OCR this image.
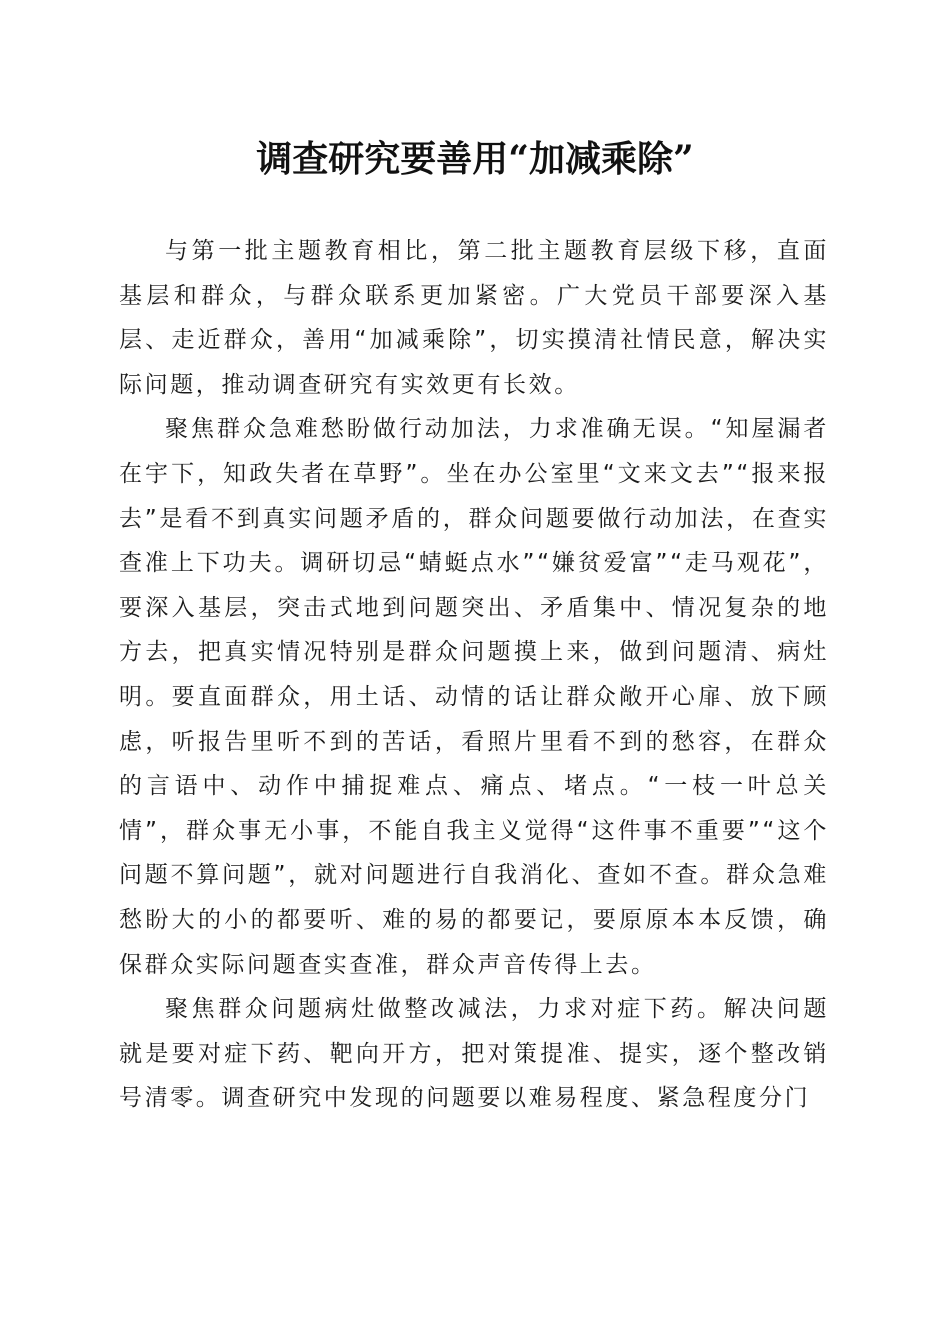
调查研究要善用“加减乘除”

与第一批主题教育相比，第二批主题教育层级下移，直面基层和群众，与群众联系更加紧密。广大党员干部要深入基层、走近群众，善用“加减乘除”，切实摸清社情民意，解决实际问题，推动调查研究有实效更有长效。

聚焦群众急难愁盼做行动加法，力求准确无误。“知屋漏者在宇下，知政失者在草野”。坐在办公室里“文来文去”“报来报去”是看不到真实问题矛盾的，群众问题要做行动加法，在查实查准上下功夫。调研切忌“蜻蜓点水”“嫌贫爱富”“走马观花”，要深入基层，突击式地到问题突出、矛盾集中、情况复杂的地方去，把真实情况特别是群众问题摸上来，做到问题清、病灶明。要直面群众，用土话、动情的话让群众敞开心扉、放下顾虑，听报告里听不到的苦话，看照片里看不到的愁容，在群众的言语中、动作中捕捉难点、痛点、堵点。“一枝一叶总关情”，群众事无小事，不能自我主义觉得“这件事不重要”“这个问题不算问题”，就对问题进行自我消化、查如不查。群众急难愁盼大的小的都要听、难的易的都要记，要原原本本反馈，确保群众实际问题查实查准，群众声音传得上去。

聚焦群众问题病灶做整改减法，力求对症下药。解决问题就是要对症下药、靶向开方，把对策提准、提实，逐个整改销号清零。调查研究中发现的问题要以难易程度、紧急程度分门
